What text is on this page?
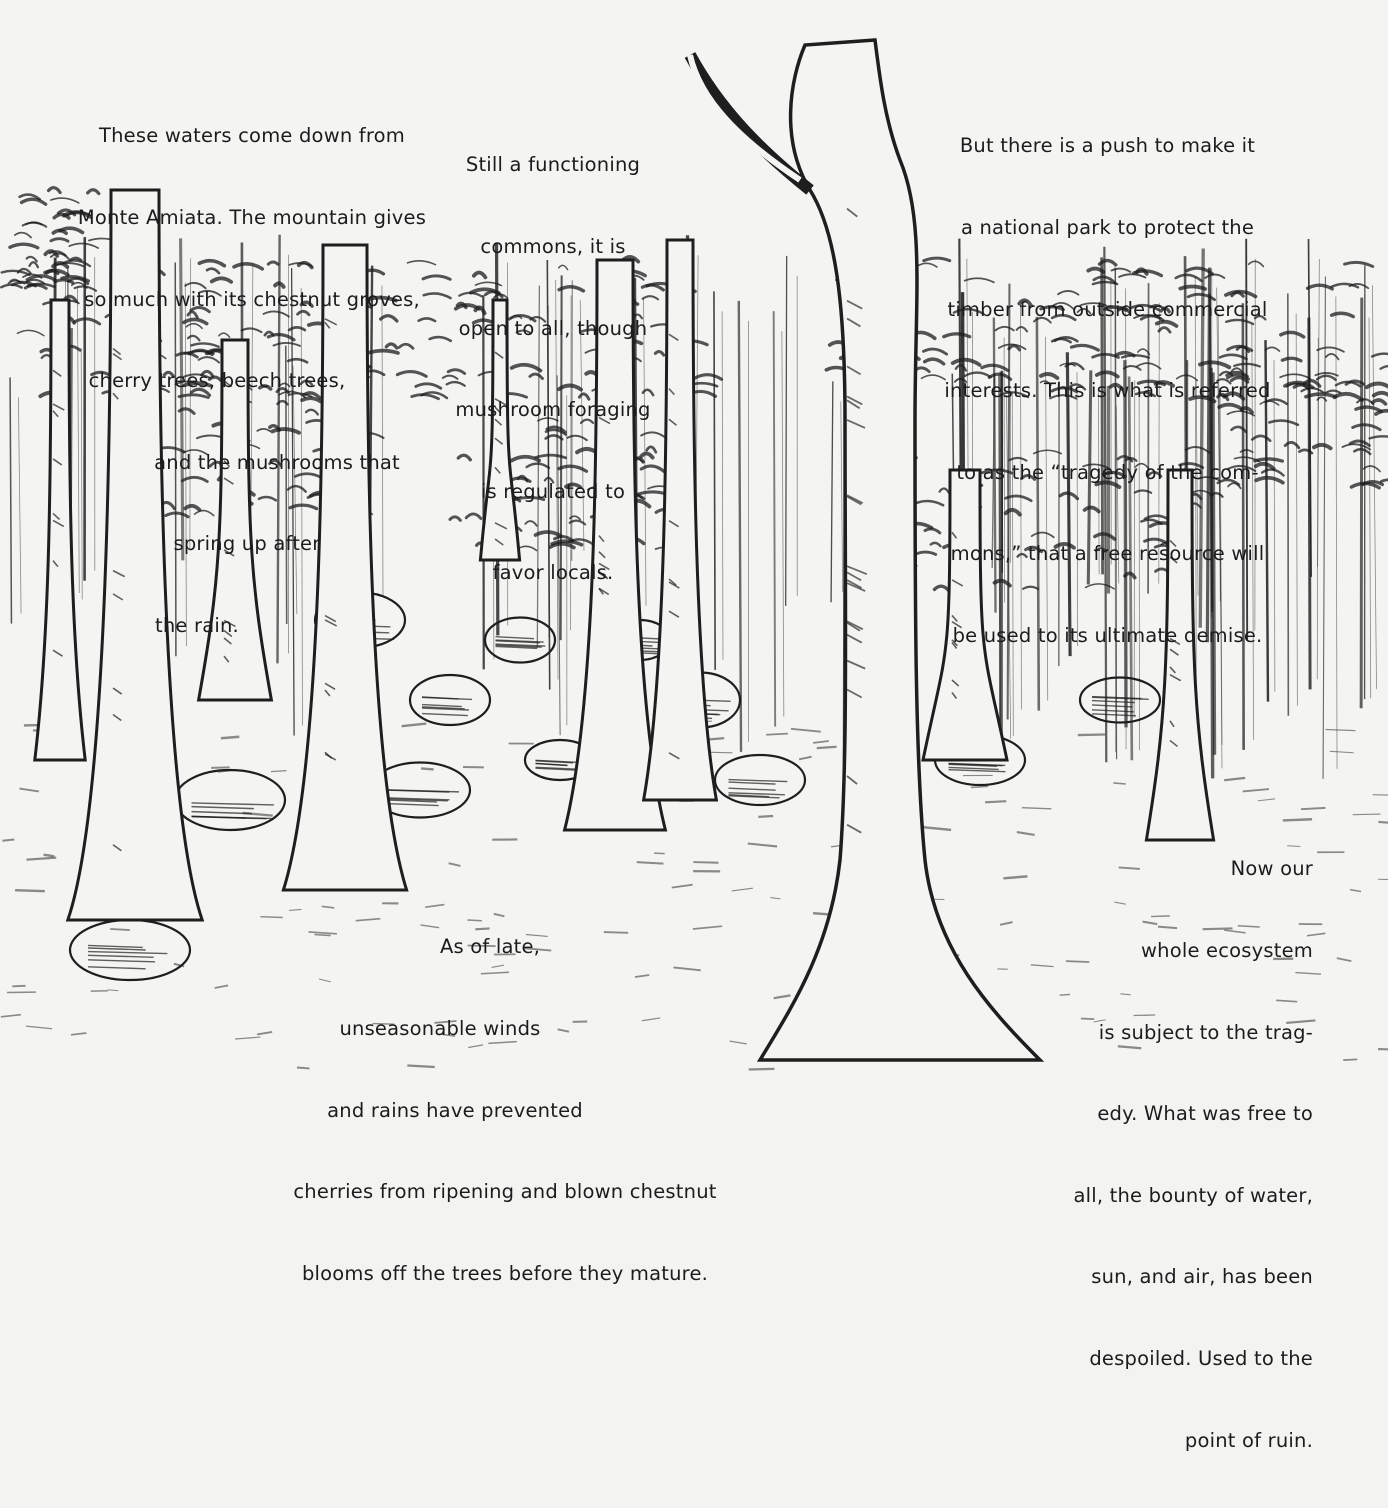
These waters come down from

Monte Amiata. The mountain gives

so much with its chestnut groves,

cherry trees, beech trees,

and the mushrooms that

spring up after

the rain.

Still a functioning

commons, it is

open to all, though

mushroom foraging

is regulated to

favor locals.

But there is a push to make it

a national park to protect the

timber from outside commercial

interests. This is what is referred

to as the “tragedy of the com-

mons,” that a free resource will

be used to its ultimate demise.

As of late,

unseasonable winds

and rains have prevented

cherries from ripening and blown chestnut

blooms off the trees before they mature.

Now our

whole ecosystem

is subject to the trag-

edy. What was free to

all, the bounty of water,

sun, and air, has been

despoiled. Used to the

point of ruin.
